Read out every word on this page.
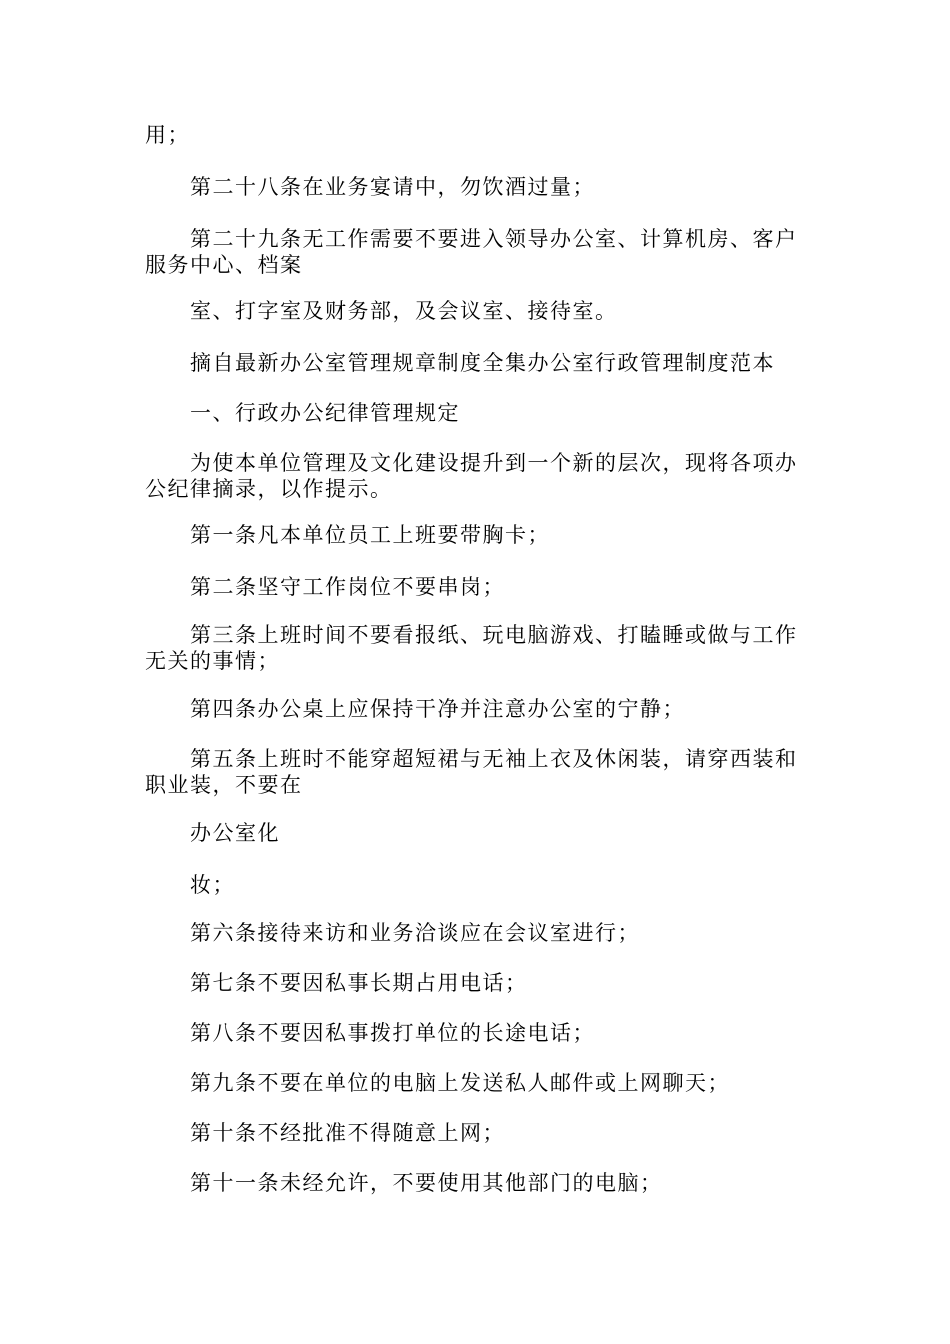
用；

第二十八条在业务宴请中，勿饮酒过量；

第二十九条无工作需要不要进入领导办公室、计算机房、客户服务中心、档案

室、打字室及财务部，及会议室、接待室。

摘自最新办公室管理规章制度全集办公室行政管理制度范本

一、行政办公纪律管理规定

为使本单位管理及文化建设提升到一个新的层次，现将各项办公纪律摘录，以作提示。

第一条凡本单位员工上班要带胸卡；

第二条坚守工作岗位不要串岗；

第三条上班时间不要看报纸、玩电脑游戏、打瞌睡或做与工作无关的事情；

第四条办公桌上应保持干净并注意办公室的宁静；

第五条上班时不能穿超短裙与无袖上衣及休闲装，请穿西装和职业装，不要在

办公室化

妆；

第六条接待来访和业务洽谈应在会议室进行；

第七条不要因私事长期占用电话；

第八条不要因私事拨打单位的长途电话；

第九条不要在单位的电脑上发送私人邮件或上网聊天；

第十条不经批准不得随意上网；

第十一条未经允许，不要使用其他部门的电脑；
